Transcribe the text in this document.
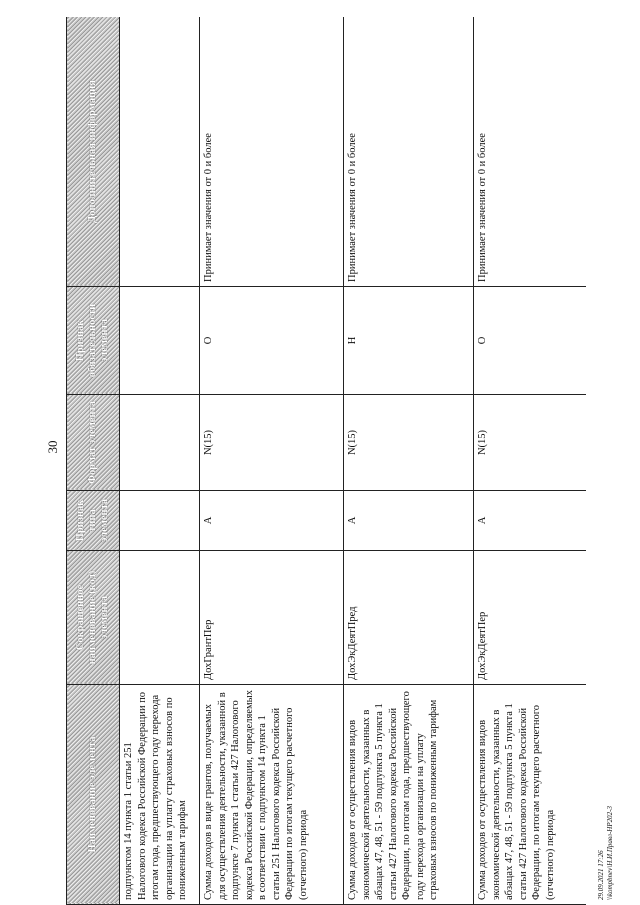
30
Наименование элемента	Сокращенное наименование (код) элемента	Признак типа элемента	Формат элемента	Признак обязательности элемента	Дополнительная информация
подпунктом 14 пункта 1 статьи 251 Налогового кодекса Российской Федерации по итогам года, предшествующего году перехода организации на уплату страховых взносов по пониженным тарифам					
Сумма доходов в виде грантов, получаемых для осуществления деятельности, указанной в подпункте 7 пункта 1 статьи 427 Налогового кодекса Российской Федерации, определяемых в соответствии с подпунктом 14 пункта 1 статьи 251 Налогового кодекса Российской Федерации по итогам текущего расчетного (отчетного) периода	ДохГрантПер	А	N(15)	О	Принимает значения от 0 и более
Сумма доходов от осуществления видов экономической деятельности, указанных в абзацах 47, 48, 51 - 59 подпункта 5 пункта 1 статьи 427 Налогового кодекса Российской Федерации, по итогам года, предшествующего году перехода организации на уплату страховых взносов по пониженным тарифам	ДохЭкДеятПред	А	N(15)	Н	Принимает значения от 0 и более
Сумма доходов от осуществления видов экономической деятельности, указанных в абзацах 47, 48, 51 - 59 подпункта 5 пункта 1 статьи 427 Налогового кодекса Российской Федерации, по итогам текущего расчетного (отчетного) периода	ДохЭкДеятПер	А	N(15)	О	Принимает значения от 0 и более
29.09.2021 17:26 \\kompbnev\Н.И.Правл-НР202-3
